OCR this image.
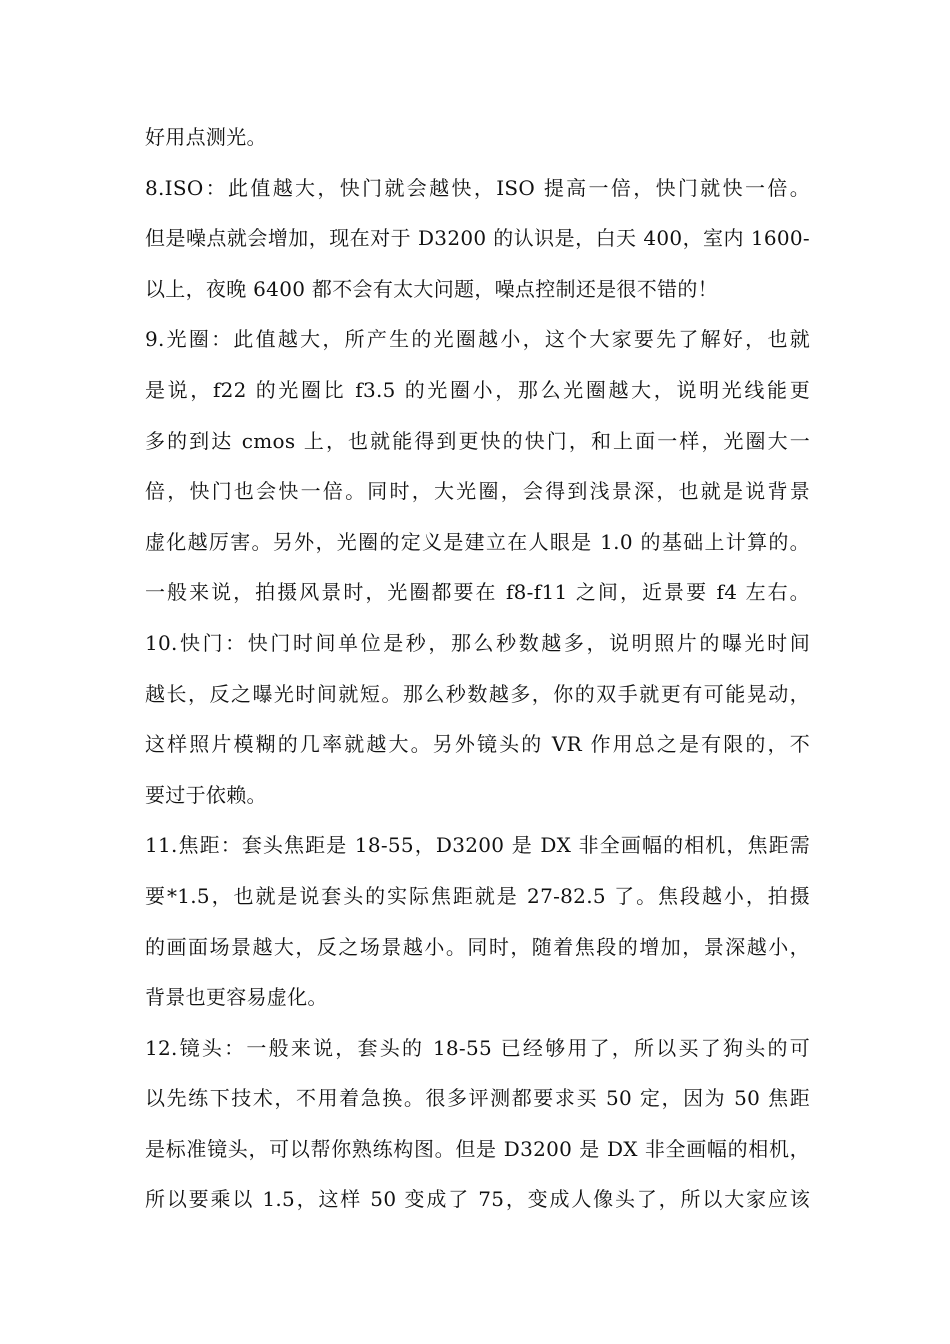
好用点测光。
8.ISO：此值越大，快门就会越快，ISO 提高一倍，快门就快一倍。
但是噪点就会增加，现在对于 D3200 的认识是，白天 400，室内 1600-
以上，夜晚 6400 都不会有太大问题，噪点控制还是很不错的！
9.光圈：此值越大，所产生的光圈越小，这个大家要先了解好，也就
是说，f22 的光圈比 f3.5 的光圈小，那么光圈越大，说明光线能更
多的到达 cmos 上，也就能得到更快的快门，和上面一样，光圈大一
倍，快门也会快一倍。同时，大光圈，会得到浅景深，也就是说背景
虚化越厉害。另外，光圈的定义是建立在人眼是 1.0 的基础上计算的。
一般来说，拍摄风景时，光圈都要在 f8-f11 之间，近景要 f4 左右。
10.快门：快门时间单位是秒，那么秒数越多，说明照片的曝光时间
越长，反之曝光时间就短。那么秒数越多，你的双手就更有可能晃动，
这样照片模糊的几率就越大。另外镜头的 VR 作用总之是有限的，不
要过于依赖。
11.焦距：套头焦距是 18-55，D3200 是 DX 非全画幅的相机，焦距需
要*1.5，也就是说套头的实际焦距就是 27-82.5 了。焦段越小，拍摄
的画面场景越大，反之场景越小。同时，随着焦段的增加，景深越小，
背景也更容易虚化。
12.镜头：一般来说，套头的 18-55 已经够用了，所以买了狗头的可
以先练下技术，不用着急换。很多评测都要求买 50 定，因为 50 焦距
是标准镜头，可以帮你熟练构图。但是 D3200 是 DX 非全画幅的相机，
所以要乘以 1.5，这样 50 变成了 75，变成人像头了，所以大家应该
